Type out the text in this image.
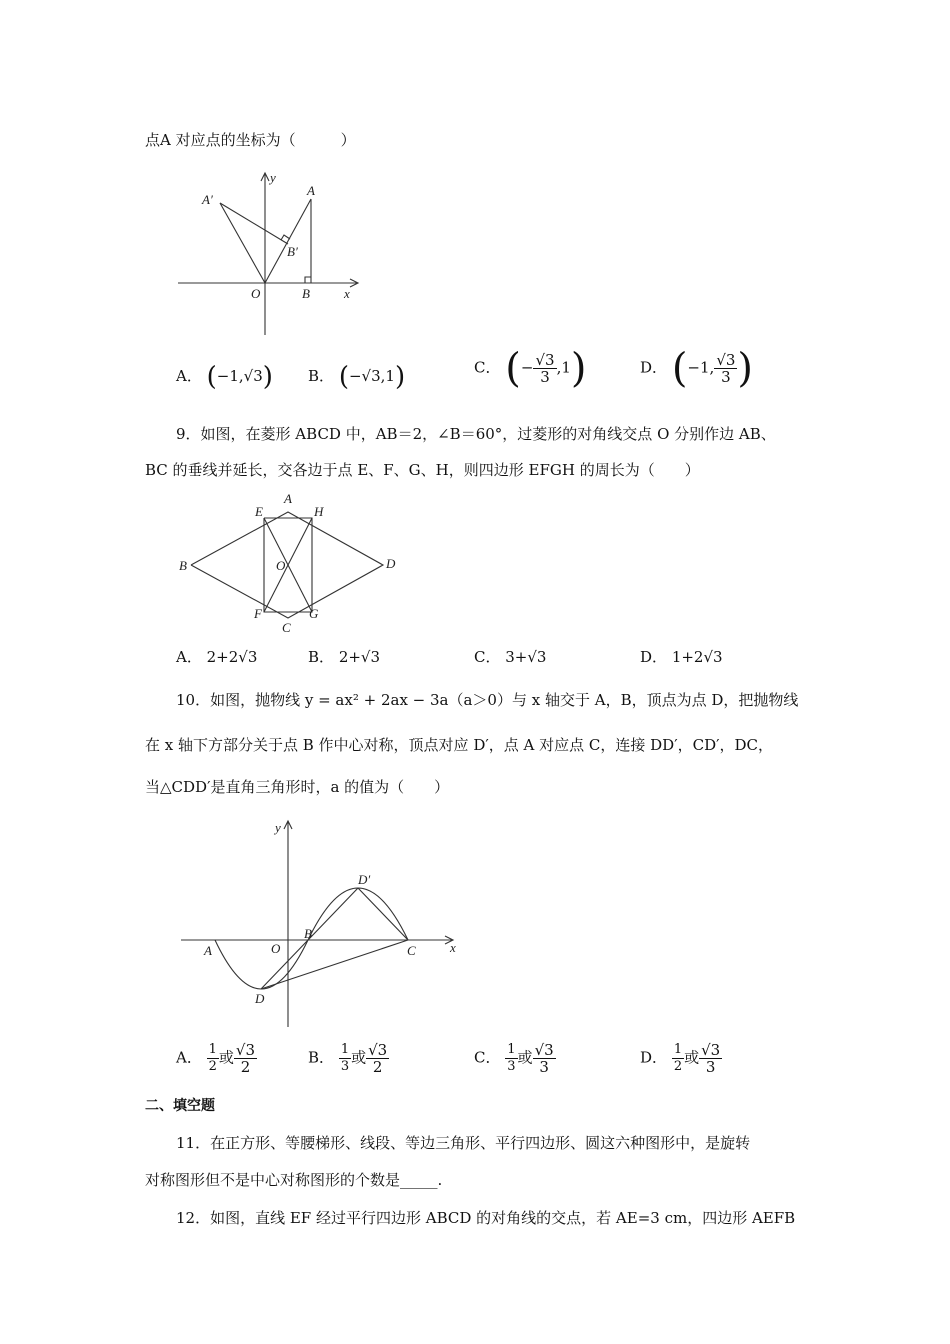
点A 对应点的坐标为（　　　）
A′
y
A
B′
O	B	x
A． (−1,√3) B． (−√3,1)	C． (− $\frac{√3}{3} ,1$)	D． (−1, $\frac{√3}{3}$ )
9．如图，在菱形 ABCD 中，AB＝2，∠B＝60°，过菱形的对角线交点 O 分别作边 AB、
BC 的垂线并延长，交各边于点 E、F、G、H，则四边形 EFGH 的周长为（　　）
A
E	H
B	O	D
F	G
C
A． 2+2√3	B． 2+√3	C． 3+√3	D． 1+2√3
10．如图，抛物线 y = ax² + 2ax − 3a（a＞0）与 x 轴交于 A，B，顶点为点 D，把抛物线
在 x 轴下方部分关于点 B 作中心对称，顶点对应 D′，点 A 对应点 C，连接 DD′，CD′，DC，
当△CDD′是直角三角形时，a 的值为（　　）
y
D′
A	O
B
C	x
D
A． $\frac{1}{2}$ 或 $\frac{√3}{2}$	B． $\frac{1}{3}$ 或 $\frac{√3}{2}$	C． $\frac{1}{3}$ 或 $\frac{√3}{3}$	D． $\frac{1}{2}$ 或 $\frac{√3}{3}$
二、填空题
11．在正方形、等腰梯形、线段、等边三角形、平行四边形、圆这六种图形中，是旋转
对称图形但不是中心对称图形的个数是_____.
12．如图，直线 EF 经过平行四边形 ABCD 的对角线的交点，若 AE=3 cm，四边形 AEFB
